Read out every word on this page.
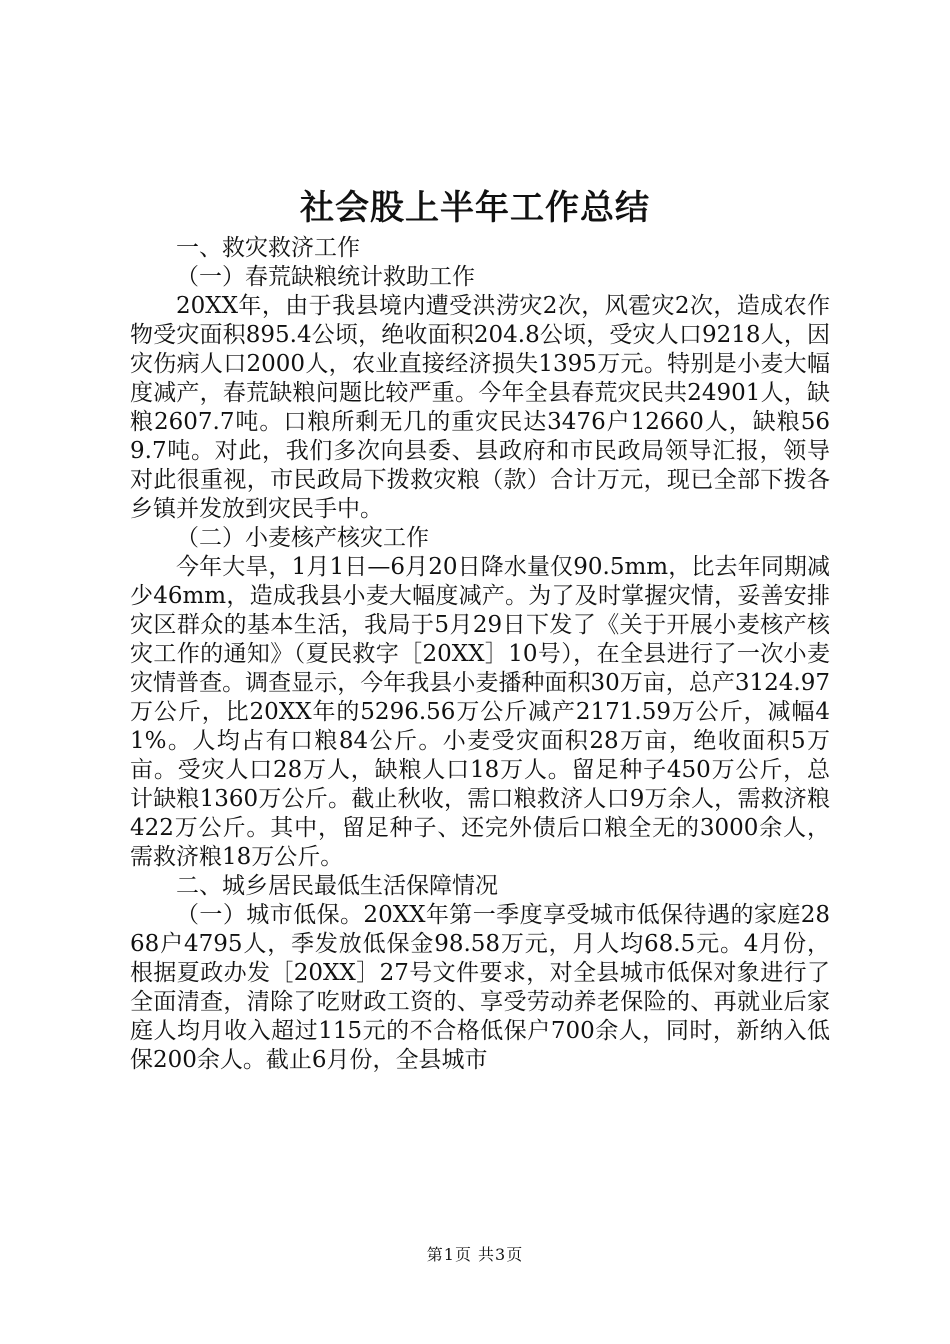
社会股上半年工作总结

一、救灾救济工作

（一）春荒缺粮统计救助工作

20XX年，由于我县境内遭受洪涝灾2次，风雹灾2次，造成农作物受灾面积895.4公顷，绝收面积204.8公顷，受灾人口9218人，因灾伤病人口2000人，农业直接经济损失1395万元。特别是小麦大幅度减产，春荒缺粮问题比较严重。今年全县春荒灾民共24901人，缺粮2607.7吨。口粮所剩无几的重灾民达3476户12660人，缺粮569.7吨。对此，我们多次向县委、县政府和市民政局领导汇报，领导对此很重视，市民政局下拨救灾粮（款）合计万元，现已全部下拨各乡镇并发放到灾民手中。

（二）小麦核产核灾工作

今年大旱，1月1日—6月20日降水量仅90.5mm，比去年同期减少46mm，造成我县小麦大幅度减产。为了及时掌握灾情，妥善安排灾区群众的基本生活，我局于5月29日下发了《关于开展小麦核产核灾工作的通知》（夏民救字［20XX］10号），在全县进行了一次小麦灾情普查。调查显示，今年我县小麦播种面积30万亩，总产3124.97万公斤，比20XX年的5296.56万公斤减产2171.59万公斤，减幅41%。人均占有口粮84公斤。小麦受灾面积28万亩，绝收面积5万亩。受灾人口28万人，缺粮人口18万人。留足种子450万公斤，总计缺粮1360万公斤。截止秋收，需口粮救济人口9万余人，需救济粮422万公斤。其中，留足种子、还完外债后口粮全无的3000余人，需救济粮18万公斤。

二、城乡居民最低生活保障情况

（一）城市低保。20XX年第一季度享受城市低保待遇的家庭2868户4795人，季发放低保金98.58万元，月人均68.5元。4月份，根据夏政办发［20XX］27号文件要求，对全县城市低保对象进行了全面清查，清除了吃财政工资的、享受劳动养老保险的、再就业后家庭人均月收入超过115元的不合格低保户700余人，同时，新纳入低保200余人。截止6月份，全县城市

第1页 共3页
